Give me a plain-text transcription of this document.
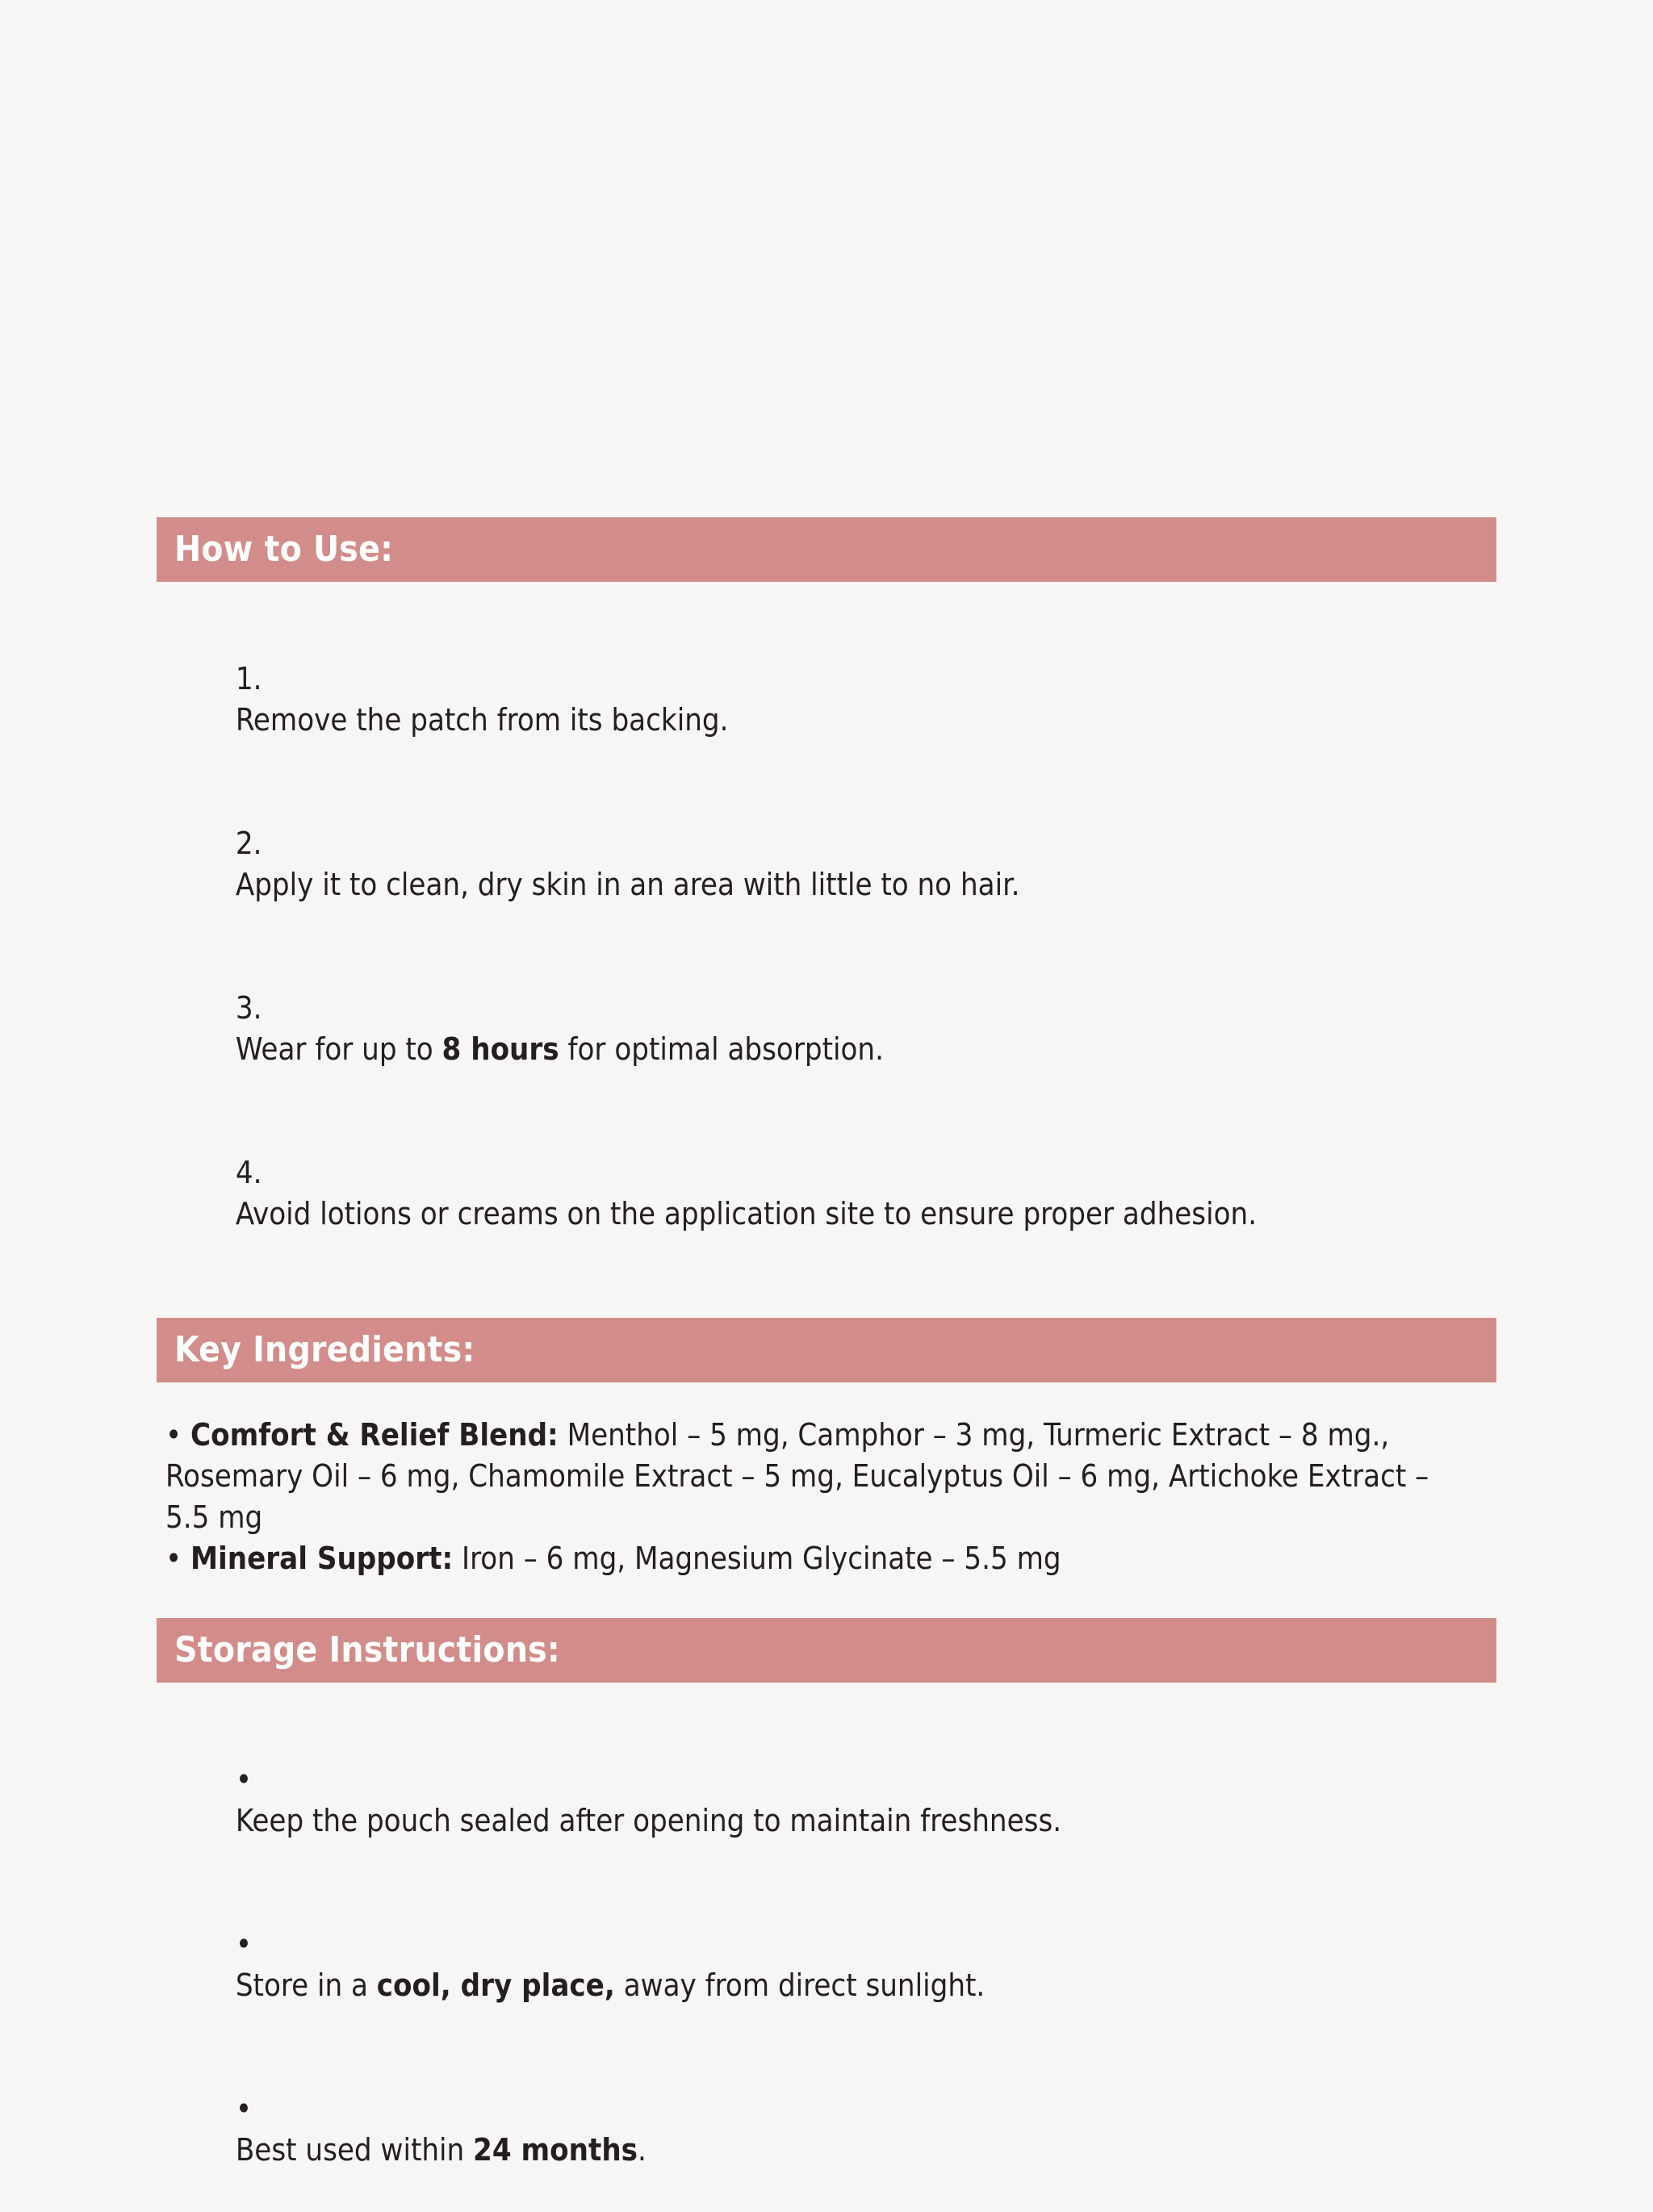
How to Use:

1.
Remove the patch from its backing.

2.
Apply it to clean, dry skin in an area with little to no hair.

3.
Wear for up to 8 hours for optimal absorption.

4.
Avoid lotions or creams on the application site to ensure proper adhesion.

Key Ingredients:
• Comfort & Relief Blend: Menthol – 5 mg, Camphor – 3 mg, Turmeric Extract – 8 mg., Rosemary Oil – 6 mg, Chamomile Extract – 5 mg, Eucalyptus Oil – 6 mg, Artichoke Extract – 5.5 mg
• Mineral Support: Iron – 6 mg, Magnesium Glycinate – 5.5 mg
Storage Instructions:

•
Keep the pouch sealed after opening to maintain freshness.

•
Store in a cool, dry place, away from direct sunlight.

•
Best used within 24 months.
